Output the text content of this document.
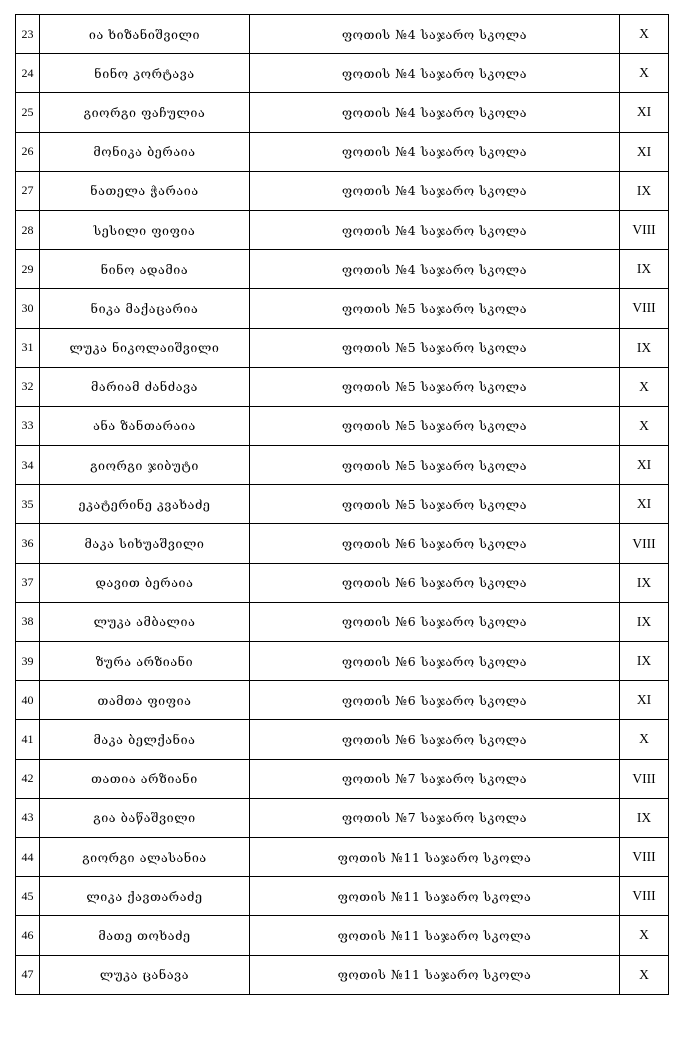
23	ია ხიზანიშვილი	ფოთის №4 საჯარო სკოლა	X
24	ნინო კორტავა	ფოთის №4 საჯარო სკოლა	X
25	გიორგი ფაჩულია	ფოთის №4 საჯარო სკოლა	XI
26	მონიკა ბერაია	ფოთის №4 საჯარო სკოლა	XI
27	ნათელა ჭარაია	ფოთის №4 საჯარო სკოლა	IX
28	სესილი ფიფია	ფოთის №4 საჯარო სკოლა	VIII
29	ნინო ადამია	ფოთის №4 საჯარო სკოლა	IX
30	ნიკა მაქაცარია	ფოთის №5 საჯარო სკოლა	VIII
31	ლუკა ნიკოლაიშვილი	ფოთის №5 საჯარო სკოლა	IX
32	მარიამ ძანძავა	ფოთის №5 საჯარო სკოლა	X
33	ანა ზანთარაია	ფოთის №5 საჯარო სკოლა	X
34	გიორგი ჯიბუტი	ფოთის №5 საჯარო სკოლა	XI
35	ეკატერინე კვახაძე	ფოთის №5 საჯარო სკოლა	XI
36	მაკა სიხუაშვილი	ფოთის №6 საჯარო სკოლა	VIII
37	დავით ბერაია	ფოთის №6 საჯარო სკოლა	IX
38	ლუკა ამბალია	ფოთის №6 საჯარო სკოლა	IX
39	ზურა არზიანი	ფოთის №6 საჯარო სკოლა	IX
40	თამთა ფიფია	ფოთის №6 საჯარო სკოლა	XI
41	მაკა ბელქანია	ფოთის №6 საჯარო სკოლა	X
42	თათია არზიანი	ფოთის №7 საჯარო სკოლა	VIII
43	გია ბაწაშვილი	ფოთის №7 საჯარო სკოლა	IX
44	გიორგი ალასანია	ფოთის №11 საჯარო სკოლა	VIII
45	ლიკა ქავთარაძე	ფოთის №11 საჯარო სკოლა	VIII
46	მათე თოხაძე	ფოთის №11 საჯარო სკოლა	X
47	ლუკა ცანავა	ფოთის №11 საჯარო სკოლა	X
